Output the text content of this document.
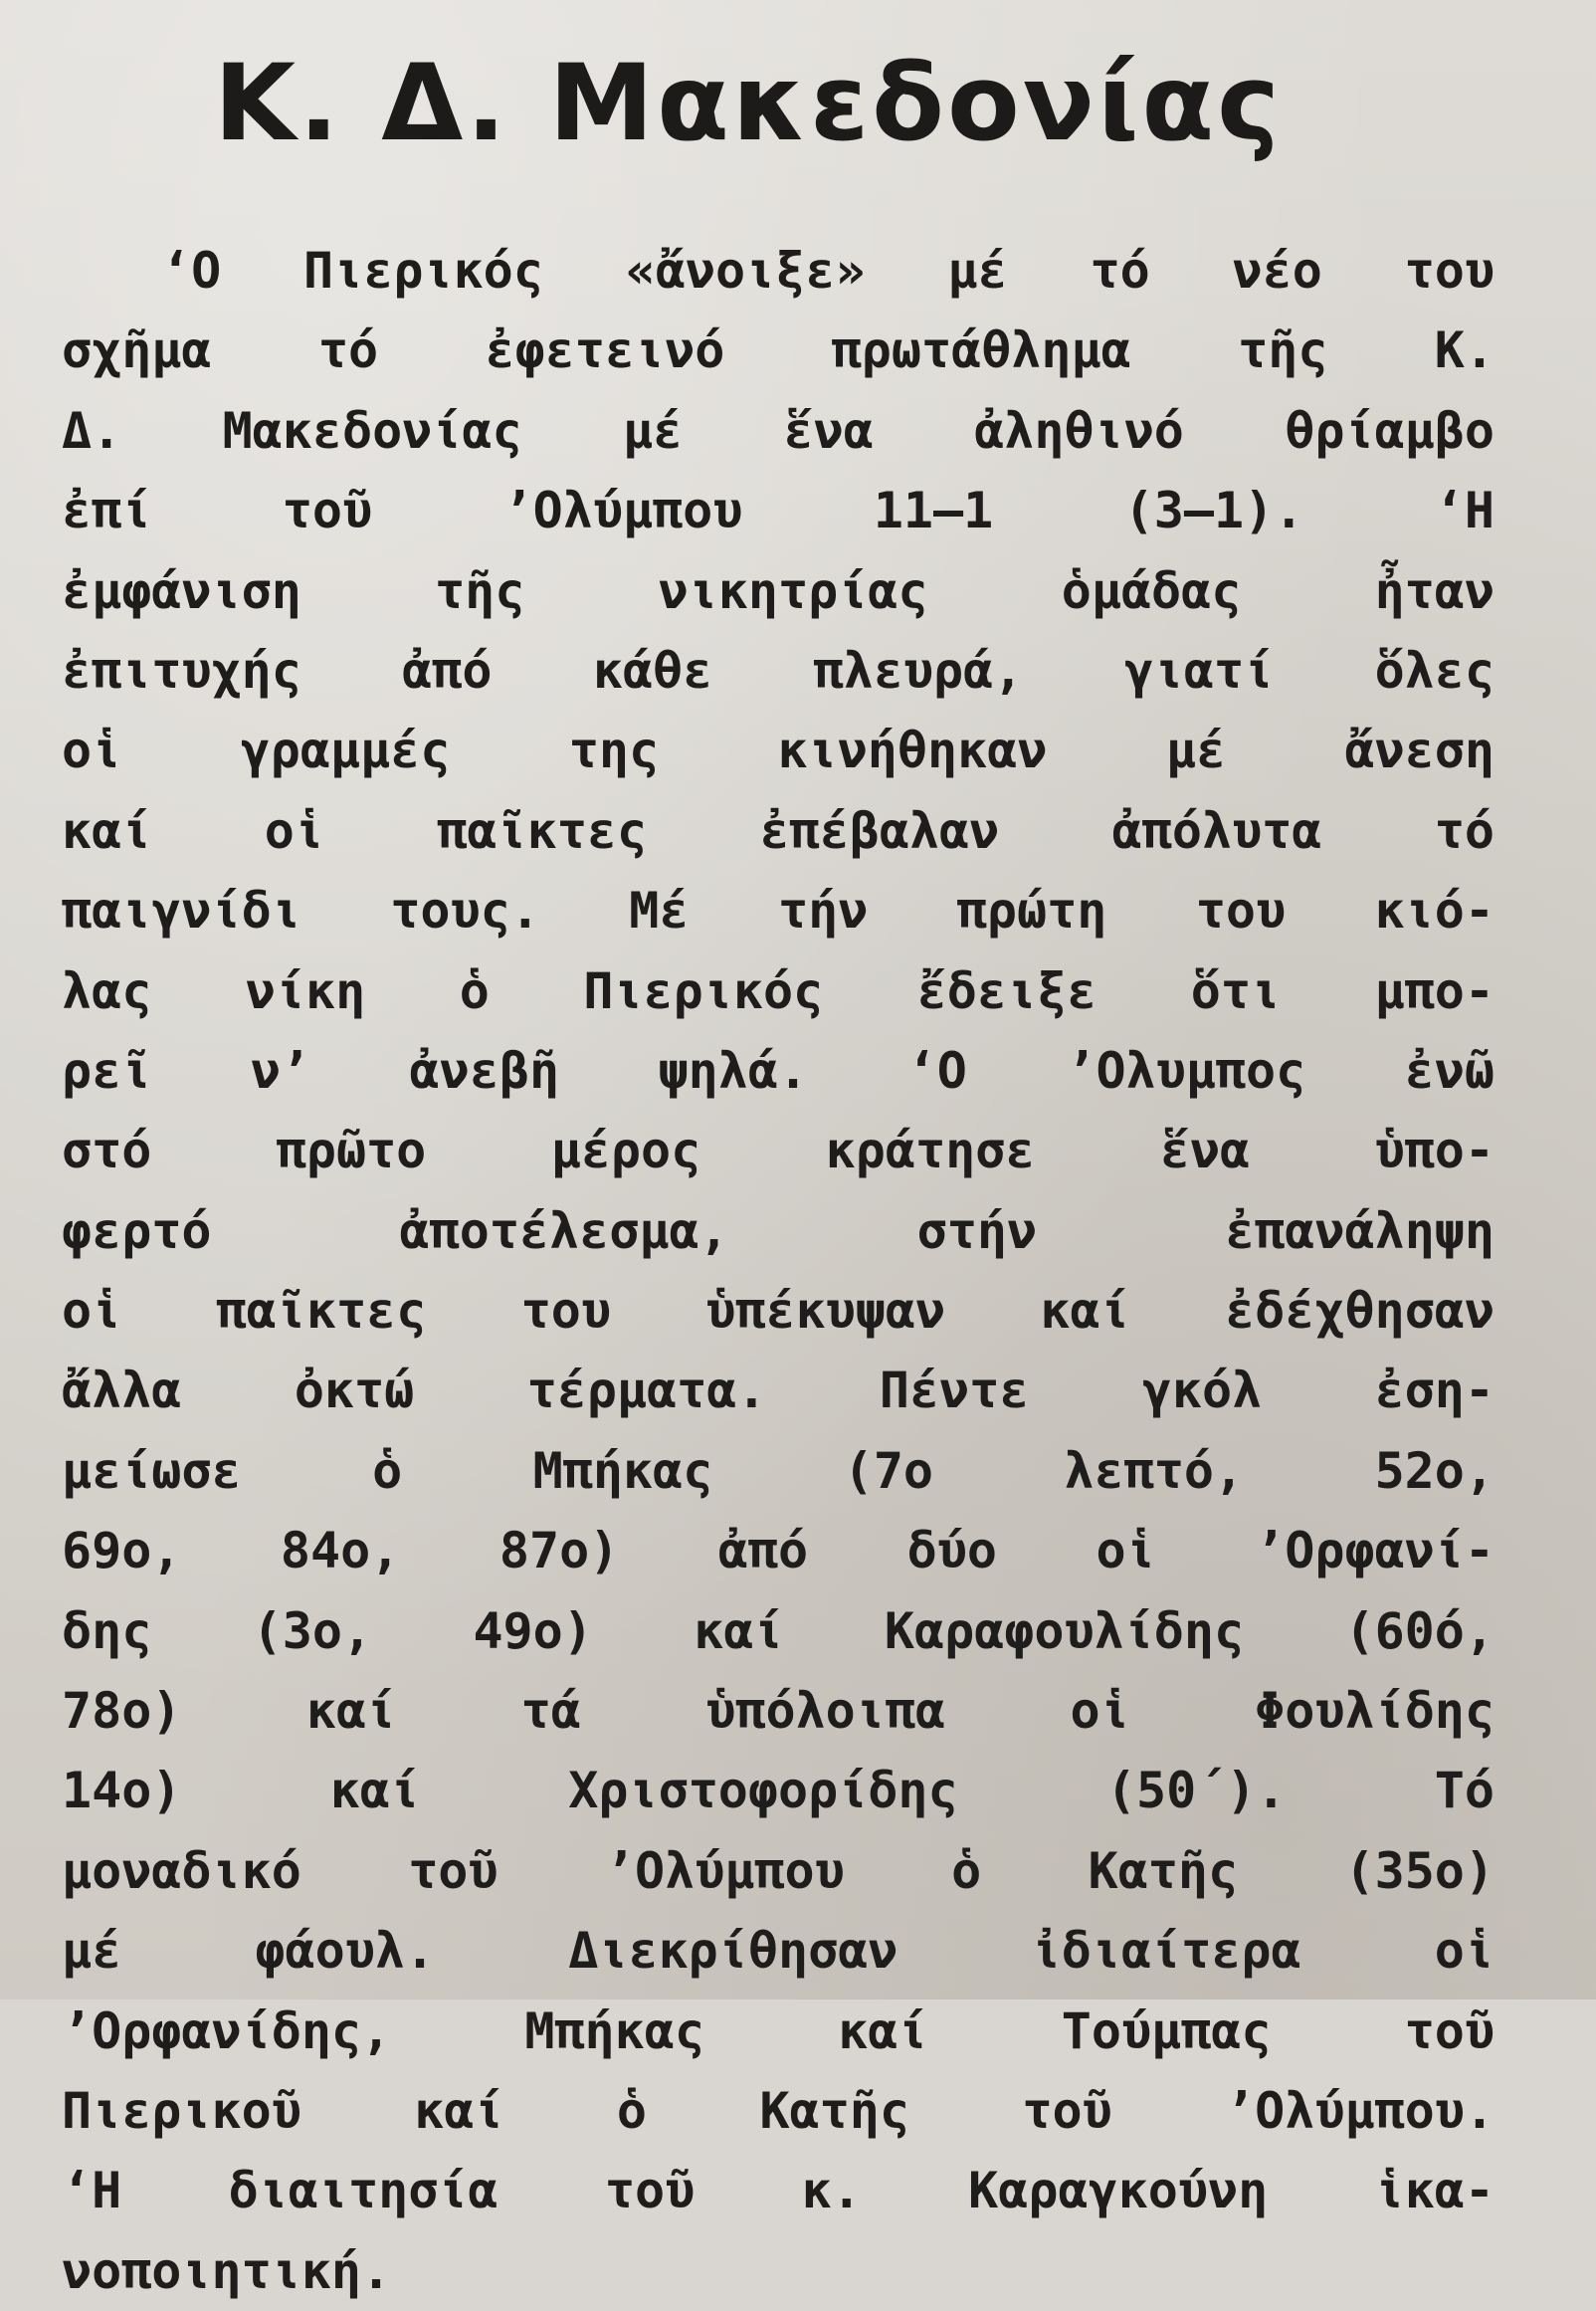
Κ. Δ. Μακεδονίας
‘Ο Πιερικός «ἄνοιξε» μέ τό νέο του
σχῆμα τό ἐφετεινό πρωτάθλημα τῆς Κ.
Δ. Μακεδονίας μέ ἕνα ἀληθινό θρίαμβο
ἐπί τοῦ ’Ολύμπου 11—1 (3—1). ‘Η
ἐμφάνιση τῆς νικητρίας ὁμάδας ἦταν
ἐπιτυχής ἀπό κάθε πλευρά, γιατί ὅλες
οἱ γραμμές της κινήθηκαν μέ ἄνεση
καί οἱ παῖκτες ἐπέβαλαν ἀπόλυτα τό
παιγνίδι τους. Μέ τήν πρώτη του κιό-
λας νίκη ὁ Πιερικός ἔδειξε ὅτι μπο-
ρεῖ ν’ ἀνεβῆ ψηλά. ‘Ο ’Ολυμπος ἐνῶ
στό πρῶτο μέρος κράτησε ἕνα ὑπο-
φερτό ἀποτέλεσμα, στήν ἐπανάληψη
οἱ παῖκτες του ὑπέκυψαν καί ἐδέχθησαν
ἄλλα ὀκτώ τέρματα. Πέντε γκόλ ἐση-
μείωσε ὁ Μπήκας (7ο λεπτό, 52ο,
69ο, 84ο, 87ο) ἀπό δύο οἱ ’Ορφανί-
δης (3ο, 49ο) καί Καραφουλίδης (60ό,
78ο) καί τά ὑπόλοιπα οἱ Φουλίδης
14ο) καί Χριστοφορίδης (50΄). Τό
μοναδικό τοῦ ’Ολύμπου ὁ Κατῆς (35ο)
μέ φάουλ. Διεκρίθησαν ἰδιαίτερα οἱ
’Ορφανίδης, Μπήκας καί Τούμπας τοῦ
Πιερικοῦ καί ὁ Κατῆς τοῦ ’Ολύμπου.
‘Η διαιτησία τοῦ κ. Καραγκούνη ἱκα-
νοποιητική.
